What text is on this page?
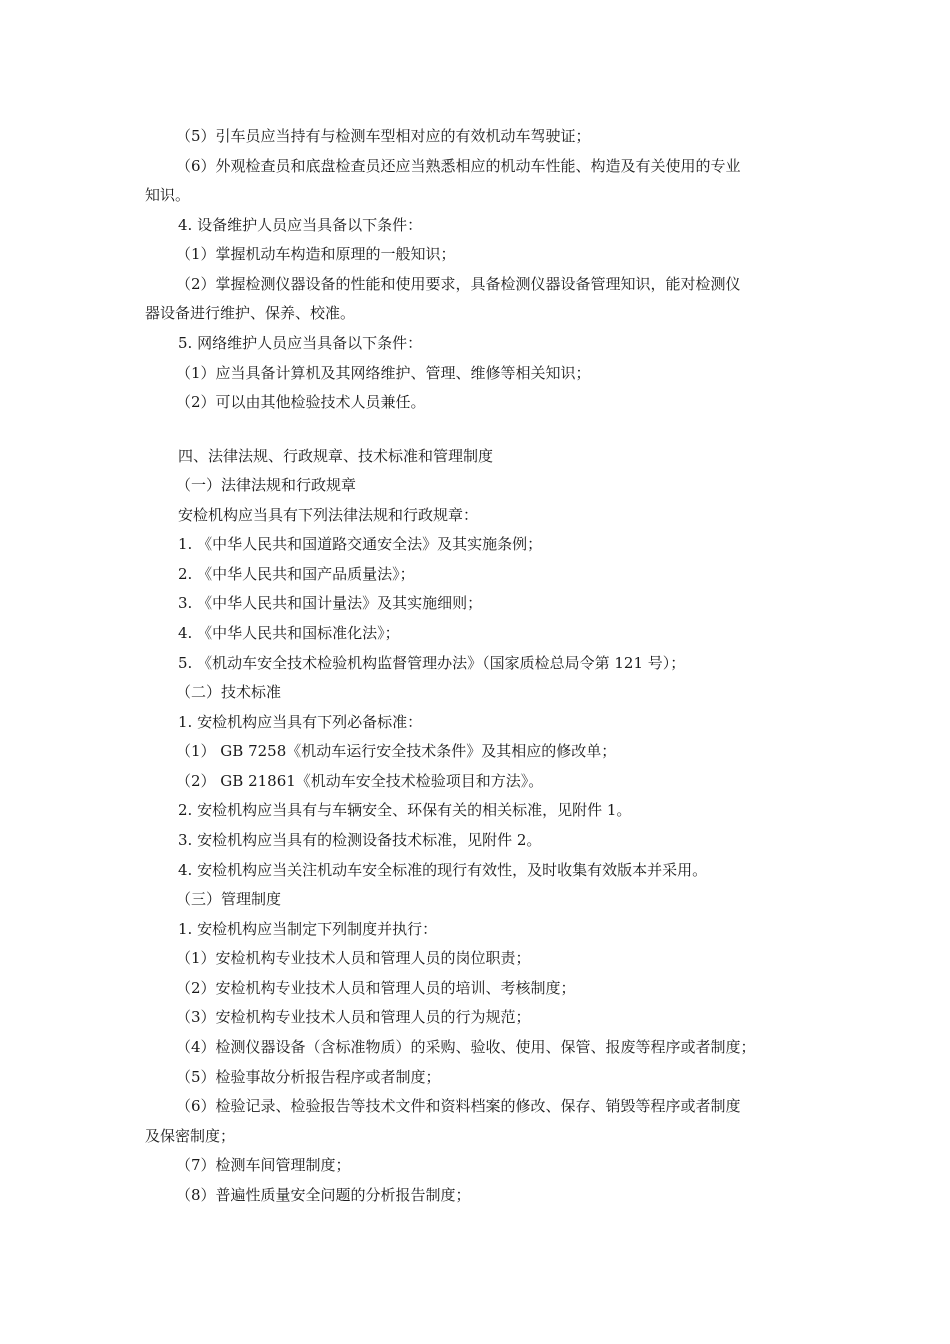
（5）引车员应当持有与检测车型相对应的有效机动车驾驶证；
（6）外观检查员和底盘检查员还应当熟悉相应的机动车性能、构造及有关使用的专业
知识。
4. 设备维护人员应当具备以下条件：
（1）掌握机动车构造和原理的一般知识；
（2）掌握检测仪器设备的性能和使用要求，具备检测仪器设备管理知识，能对检测仪
器设备进行维护、保养、校准。
5. 网络维护人员应当具备以下条件：
（1）应当具备计算机及其网络维护、管理、维修等相关知识；
（2）可以由其他检验技术人员兼任。
四、法律法规、行政规章、技术标准和管理制度
（一）法律法规和行政规章
安检机构应当具有下列法律法规和行政规章：
1. 《中华人民共和国道路交通安全法》及其实施条例；
2. 《中华人民共和国产品质量法》；
3. 《中华人民共和国计量法》及其实施细则；
4. 《中华人民共和国标准化法》；
5. 《机动车安全技术检验机构监督管理办法》（国家质检总局令第 121 号）；
（二）技术标准
1. 安检机构应当具有下列必备标准：
（1） GB 7258《机动车运行安全技术条件》及其相应的修改单；
（2） GB 21861《机动车安全技术检验项目和方法》。
2. 安检机构应当具有与车辆安全、环保有关的相关标准，见附件 1。
3. 安检机构应当具有的检测设备技术标准，见附件 2。
4. 安检机构应当关注机动车安全标准的现行有效性，及时收集有效版本并采用。
（三）管理制度
1. 安检机构应当制定下列制度并执行：
（1）安检机构专业技术人员和管理人员的岗位职责；
（2）安检机构专业技术人员和管理人员的培训、考核制度；
（3）安检机构专业技术人员和管理人员的行为规范；
（4）检测仪器设备（含标准物质）的采购、验收、使用、保管、报废等程序或者制度；
（5）检验事故分析报告程序或者制度；
（6）检验记录、检验报告等技术文件和资料档案的修改、保存、销毁等程序或者制度
及保密制度；
（7）检测车间管理制度；
（8）普遍性质量安全问题的分析报告制度；
